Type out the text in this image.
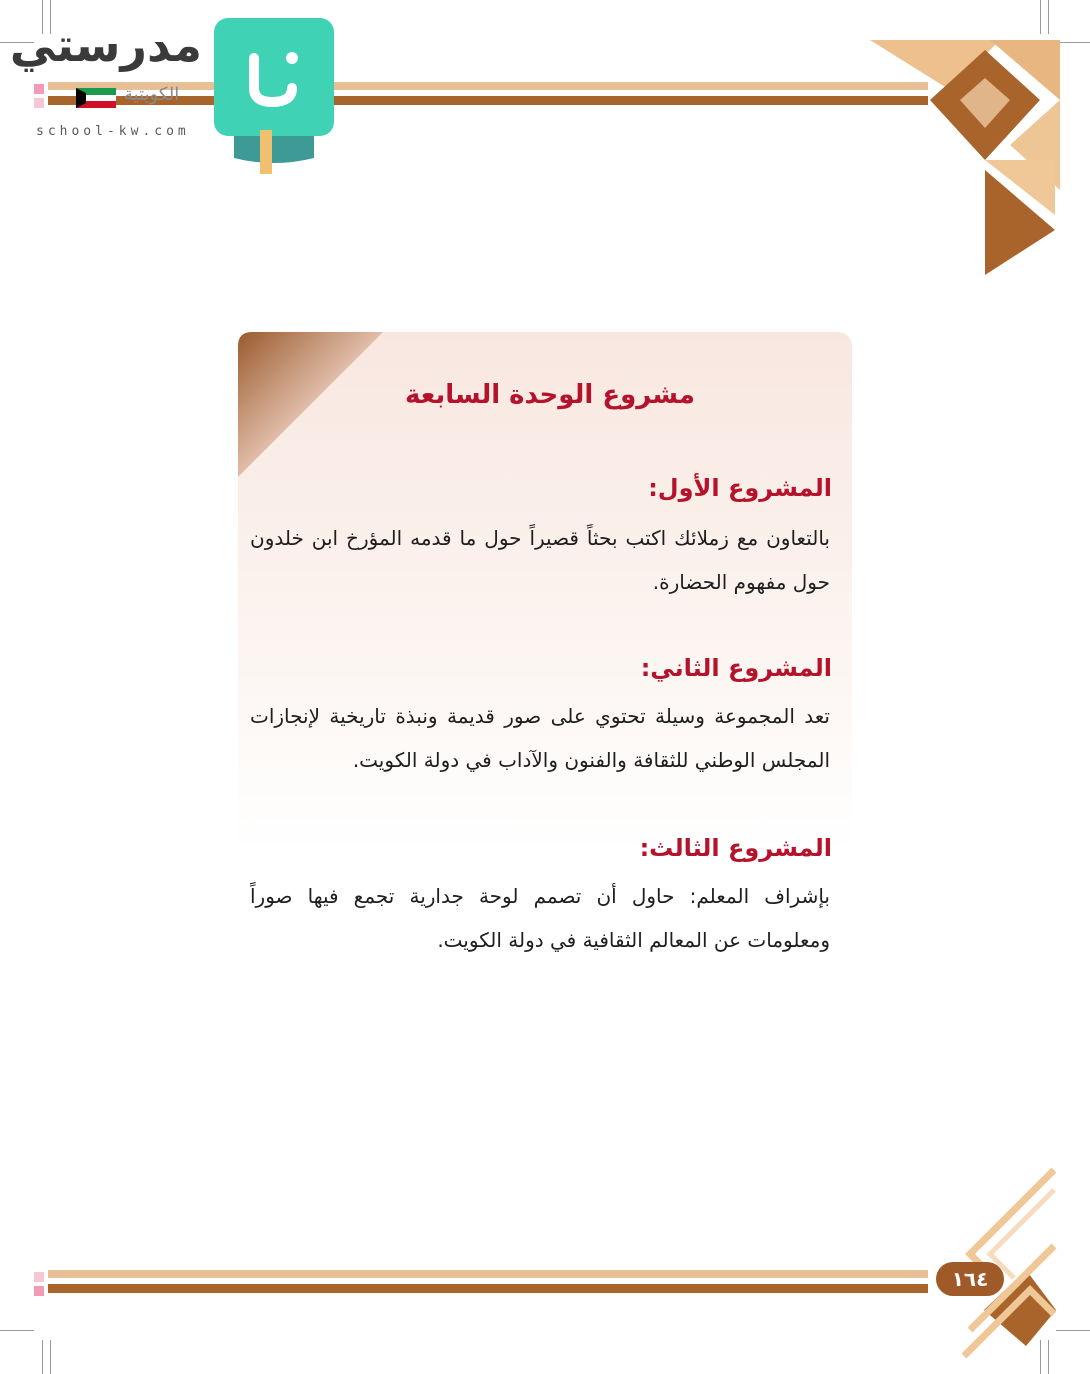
مدرستي
الكويتية
school-kw.com
مشروع الوحدة السابعة
المشروع الأول:
بالتعاون مع زملائك اكتب بحثاً قصيراً حول ما قدمه المؤرخ ابن خلدون حول مفهوم الحضارة.
المشروع الثاني:
تعد المجموعة وسيلة تحتوي على صور قديمة ونبذة تاريخية لإنجازات المجلس الوطني للثقافة والفنون والآداب في دولة الكويت.
المشروع الثالث:
بإشراف المعلم: حاول أن تصمم لوحة جدارية تجمع فيها صوراً ومعلومات عن المعالم الثقافية في دولة الكويت.
١٦٤
